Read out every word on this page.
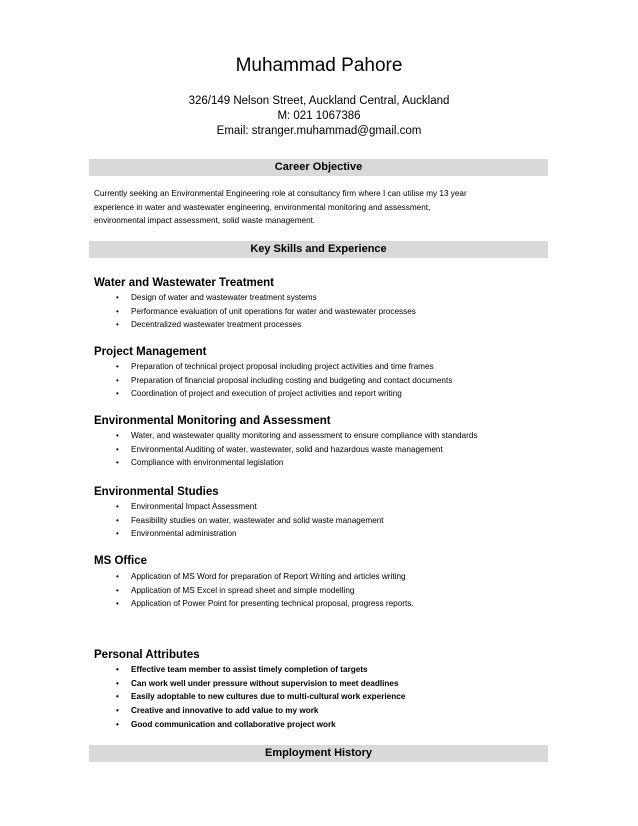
Muhammad Pahore
326/149 Nelson Street, Auckland Central, Auckland
M: 021 1067386
Email: stranger.muhammad@gmail.com
Career Objective
Currently seeking an Environmental Engineering role at consultancy firm where I can utilise my 13 year
experience in water and wastewater engineering, environmental monitoring and assessment,
environmental impact assessment, solid waste management.
Key Skills and Experience
Water and Wastewater Treatment
• Design of water and wastewater treatment systems
• Performance evaluation of unit operations for water and wastewater processes
• Decentralized wastewater treatment processes
Project Management
• Preparation of technical project proposal including project activities and time frames
• Preparation of financial proposal including costing and budgeting and contact documents
• Coordination of project and execution of project activities and report writing
Environmental Monitoring and Assessment
• Water, and wastewater quality monitoring and assessment to ensure compliance with standards
• Environmental Auditing of water, wastewater, solid and hazardous waste management
• Compliance with environmental legislation
Environmental Studies
• Environmental Impact Assessment
• Feasibility studies on water, wastewater and solid waste management
• Environmental administration
MS Office
• Application of MS Word for preparation of Report Writing and articles writing
• Application of MS Excel in spread sheet and simple modelling
• Application of Power Point for presenting technical proposal, progress reports.
Personal Attributes
• Effective team member to assist timely completion of targets
• Can work well under pressure without supervision to meet deadlines
• Easily adoptable to new cultures due to multi-cultural work experience
• Creative and innovative to add value to my work
• Good communication and collaborative project work
Employment History
